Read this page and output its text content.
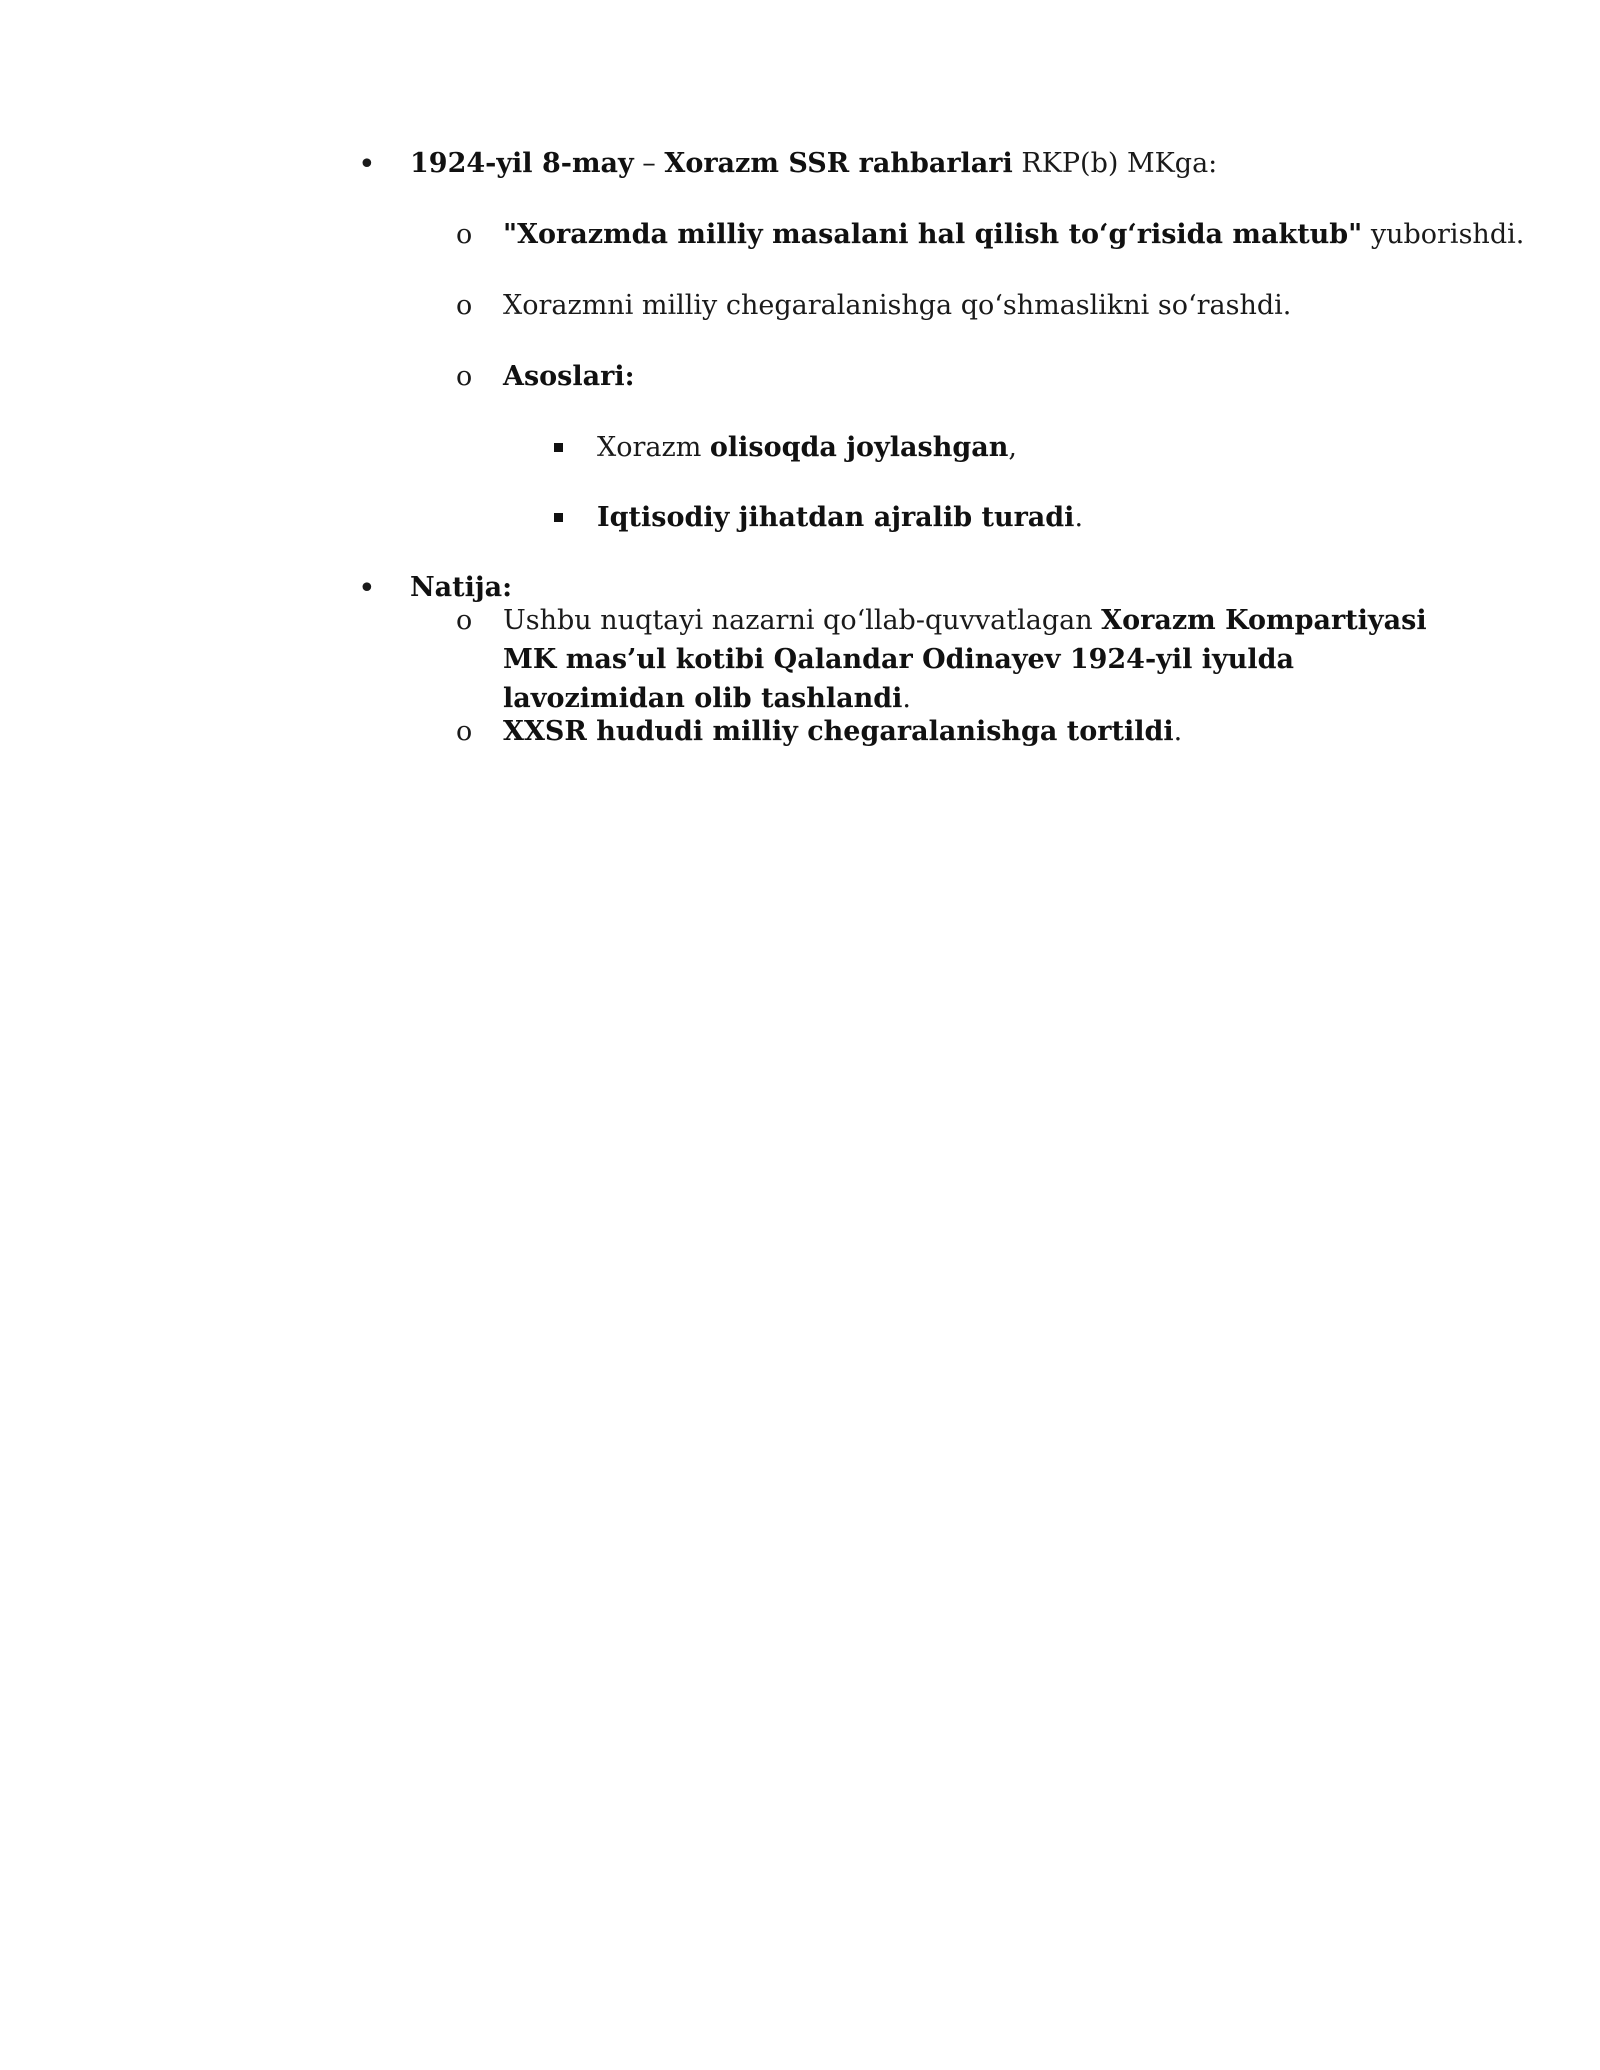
• 1924-yil 8-may – Xorazm SSR rahbarlari RKP(b) MKga:
o "Xorazmda milliy masalani hal qilish to‘g‘risida maktub" yuborishdi.
o Xorazmni milliy chegaralanishga qo‘shmaslikni so‘rashdi.
o Asoslari:
Xorazm olisoqda joylashgan,
Iqtisodiy jihatdan ajralib turadi.
• Natija:
o Ushbu nuqtayi nazarni qo‘llab-quvvatlagan Xorazm Kompartiyasi MK mas’ul kotibi Qalandar Odinayev 1924-yil iyulda lavozimidan olib tashlandi.
o XXSR hududi milliy chegaralanishga tortildi.
